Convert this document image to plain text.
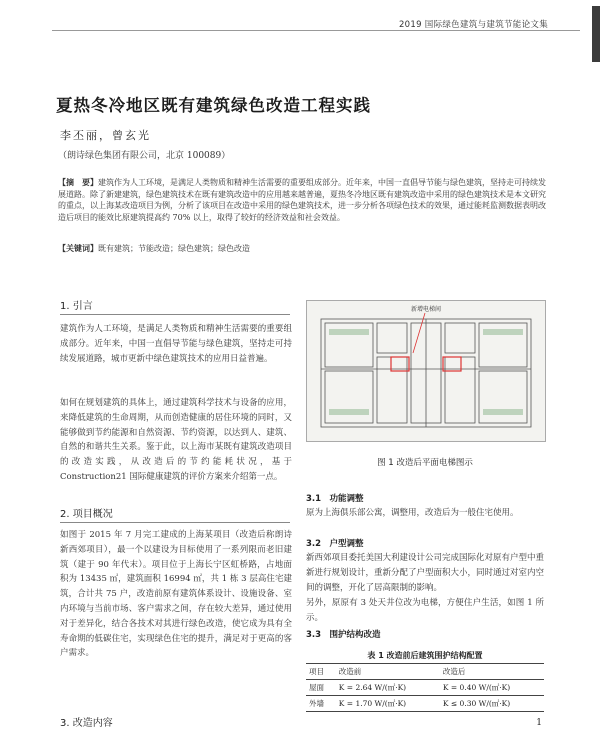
2019 国际绿色建筑与建筑节能论文集
夏热冬冷地区既有建筑绿色改造工程实践
李丕丽，曾玄光
（朗诗绿色集团有限公司，北京 100089）
【摘　要】建筑作为人工环境，是满足人类物质和精神生活需要的重要组成部分。近年来，中国一直倡导节能与绿色建筑，坚持走可持续发展道路。除了新建建筑，绿色建筑技术在既有建筑改造中的应用越来越普遍，夏热冬冷地区既有建筑改造中采用的绿色建筑技术是本文研究的重点，以上海某改造项目为例，分析了该项目在改造中采用的绿色建筑技术，进一步分析各项绿色技术的效果，通过能耗监测数据表明改造后项目的能效比原建筑提高约 70% 以上，取得了较好的经济效益和社会效益。
【关键词】既有建筑；节能改造；绿色建筑；绿色改造
1. 引言
建筑作为人工环境，是满足人类物质和精神生活需要的重要组成部分。近年来，中国一直倡导节能与绿色建筑，坚持走可持续发展道路，城市更新中绿色建筑技术的应用日益普遍。
如何在规划建筑的具体上，通过建筑科学技术与设备的应用，来降低建筑的生命周期，从而创造健康的居住环境的同时，又能够做到节约能源和自然资源、节约资源，以达到人、建筑、自然的和谐共生关系。鉴于此，以上海市某既有建筑改造项目的改造实践，从改造后的节约能耗状况，基于 Construction21 国际健康建筑的评价方案来介绍第一点。
2. 项目概况
如图于 2015 年 7 月完工建成的上海某项目（改造后称朗诗新西郊项目），最一个以建设为目标使用了一系列限而老旧建筑（建于 90 年代末）。项目位于上海长宁区虹桥路，占地面积为 13435 ㎡，建筑面积 16994 ㎡，共 1 栋 3 层高住宅建筑，合计共 75 户，改造前原有建筑体系设计、设施设备、室内环境与当前市场、客户需求之间，存在较大差异，通过使用对于差异化，结合各技术对其进行绿色改造，使它成为具有全寿命期的低碳住宅，实现绿色住宅的提升，满足对于更高的客户需求。
3. 改造内容
新增电梯间
图 1 改造后平面电梯图示
3.1　功能调整
原为上海俱乐部公寓，调整用，改造后为一般住宅使用。
3.2　户型调整
新西郊项目委托美国大利建设计公司完成国际化对原有户型中重新进行规划设计，重新分配了户型面积大小，同时通过对室内空间的调整，开化了居高限制的影响。
另外，原原有 3 处天井位改为电梯，方便住户生活，如图 1 所示。
3.3　围护结构改造
表 1 改造前后建筑围护结构配置
项目	改造前	改造后
屋面	K = 2.64 W/(㎡·K)	K = 0.40 W/(㎡·K)
外墙	K = 1.70 W/(㎡·K)	K ≤ 0.30 W/(㎡·K)
1
